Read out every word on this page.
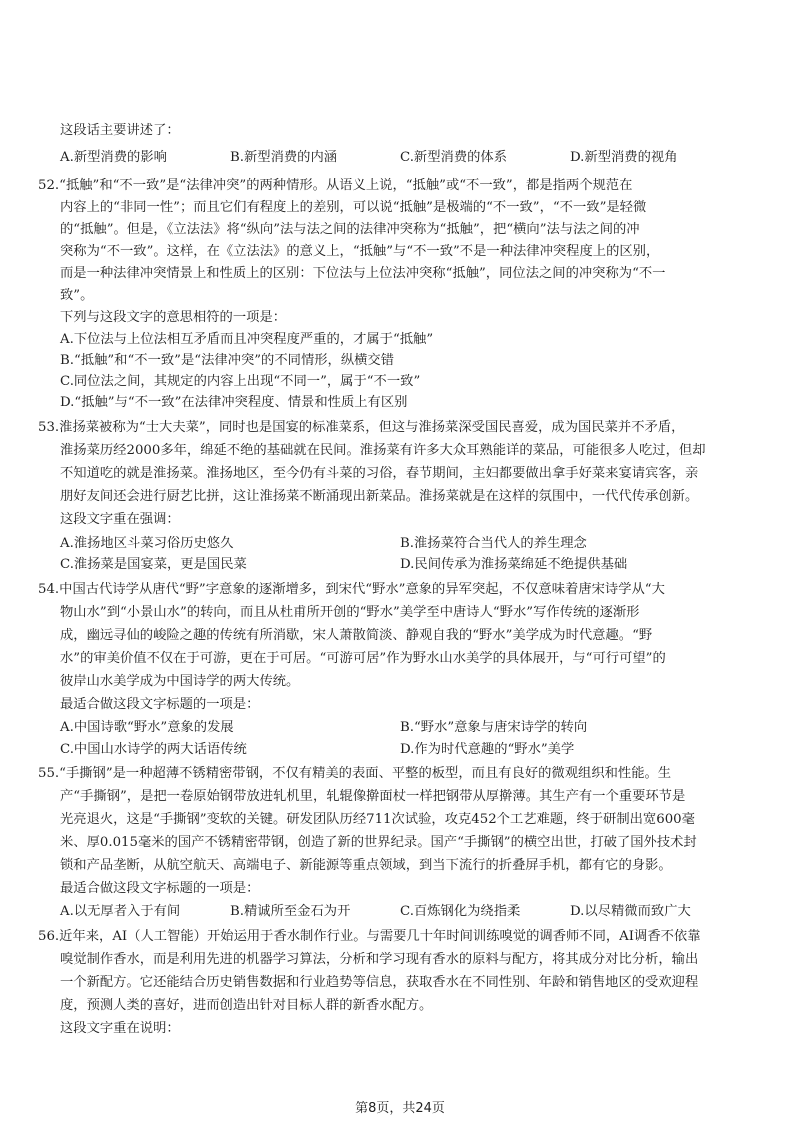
这段话主要讲述了：
A.新型消费的影响	B.新型消费的内涵	C.新型消费的体系	D.新型消费的视角
52.“抵触”和“不一致”是“法律冲突”的两种情形。从语义上说，“抵触”或“不一致”，都是指两个规范在
内容上的“非同一性”；而且它们有程度上的差别，可以说“抵触”是极端的“不一致”，“不一致”是轻微
的“抵触”。但是，《立法法》将“纵向”法与法之间的法律冲突称为“抵触”，把“横向”法与法之间的冲
突称为“不一致”。这样，在《立法法》的意义上，“抵触”与“不一致”不是一种法律冲突程度上的区别，
而是一种法律冲突情景上和性质上的区别：下位法与上位法冲突称“抵触”，同位法之间的冲突称为“不一
致”。
下列与这段文字的意思相符的一项是：
A.下位法与上位法相互矛盾而且冲突程度严重的，才属于“抵触”
B.“抵触”和“不一致”是“法律冲突”的不同情形，纵横交错
C.同位法之间，其规定的内容上出现“不同一”，属于“不一致”
D.“抵触”与“不一致”在法律冲突程度、情景和性质上有区别
53.淮扬菜被称为“士大夫菜”，同时也是国宴的标准菜系，但这与淮扬菜深受国民喜爱，成为国民菜并不矛盾，
淮扬菜历经2000多年，绵延不绝的基础就在民间。淮扬菜有许多大众耳熟能详的菜品，可能很多人吃过，但却
不知道吃的就是淮扬菜。淮扬地区，至今仍有斗菜的习俗，春节期间，主妇都要做出拿手好菜来宴请宾客，亲
朋好友间还会进行厨艺比拼，这让淮扬菜不断涌现出新菜品。淮扬菜就是在这样的氛围中，一代代传承创新。
这段文字重在强调：
A.淮扬地区斗菜习俗历史悠久	B.淮扬菜符合当代人的养生理念
C.淮扬菜是国宴菜，更是国民菜	D.民间传承为淮扬菜绵延不绝提供基础
54.中国古代诗学从唐代“野”字意象的逐渐增多，到宋代“野水”意象的异军突起，不仅意味着唐宋诗学从“大
物山水”到“小景山水”的转向，而且从杜甫所开创的“野水”美学至中唐诗人“野水”写作传统的逐渐形
成，幽远寻仙的峻险之趣的传统有所消歇，宋人萧散简淡、静观自我的“野水”美学成为时代意趣。“野
水”的审美价值不仅在于可游，更在于可居。“可游可居”作为野水山水美学的具体展开，与“可行可望”的
彼岸山水美学成为中国诗学的两大传统。
最适合做这段文字标题的一项是：
A.中国诗歌“野水”意象的发展	B.“野水”意象与唐宋诗学的转向
C.中国山水诗学的两大话语传统	D.作为时代意趣的“野水”美学
55.“手撕钢”是一种超薄不锈精密带钢，不仅有精美的表面、平整的板型，而且有良好的微观组织和性能。生
产“手撕钢”，是把一卷原始钢带放进轧机里，轧辊像擀面杖一样把钢带从厚擀薄。其生产有一个重要环节是
光亮退火，这是“手撕钢”变软的关键。研发团队历经711次试验，攻克452个工艺难题，终于研制出宽600毫
米、厚0.015毫米的国产不锈精密带钢，创造了新的世界纪录。国产“手撕钢”的横空出世，打破了国外技术封
锁和产品垄断，从航空航天、高端电子、新能源等重点领域，到当下流行的折叠屏手机，都有它的身影。
最适合做这段文字标题的一项是：
A.以无厚者入于有间	B.精诚所至金石为开	C.百炼钢化为绕指柔	D.以尽精微而致广大
56.近年来，AI（人工智能）开始运用于香水制作行业。与需要几十年时间训练嗅觉的调香师不同，AI调香不依靠
嗅觉制作香水，而是利用先进的机器学习算法，分析和学习现有香水的原料与配方，将其成分对比分析，输出
一个新配方。它还能结合历史销售数据和行业趋势等信息，获取香水在不同性别、年龄和销售地区的受欢迎程
度，预测人类的喜好，进而创造出针对目标人群的新香水配方。
这段文字重在说明：
第8页，共24页
